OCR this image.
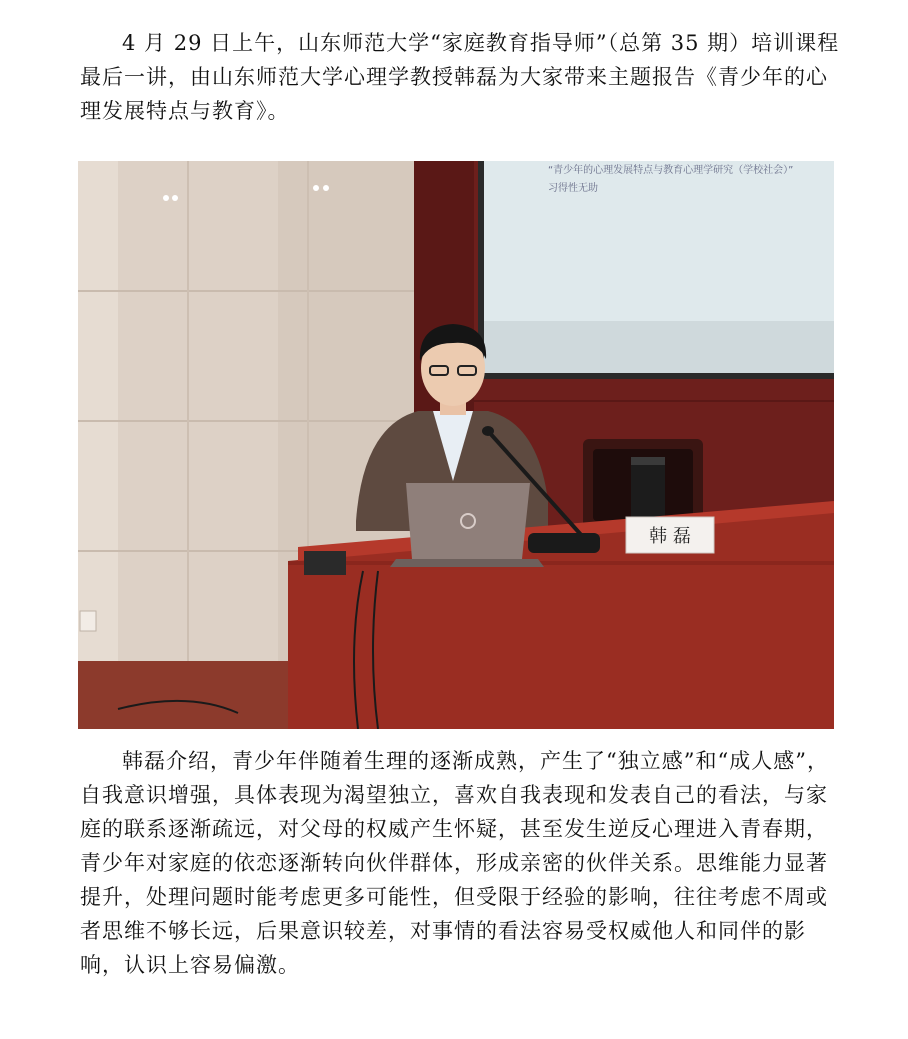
4 月 29 日上午，山东师范大学“家庭教育指导师”（总第 35 期）培训课程最后一讲，由山东师范大学心理学教授韩磊为大家带来主题报告《青少年的心理发展特点与教育》。

“青少年的心理发展特点与教育心理学研究（学校社会）”
习得性无助
韩 磊

韩磊介绍，青少年伴随着生理的逐渐成熟，产生了“独立感”和“成人感”，自我意识增强，具体表现为渴望独立，喜欢自我表现和发表自己的看法，与家庭的联系逐渐疏远，对父母的权威产生怀疑，甚至发生逆反心理进入青春期，青少年对家庭的依恋逐渐转向伙伴群体，形成亲密的伙伴关系。思维能力显著提升，处理问题时能考虑更多可能性，但受限于经验的影响，往往考虑不周或者思维不够长远，后果意识较差，对事情的看法容易受权威他人和同伴的影响，认识上容易偏激。
